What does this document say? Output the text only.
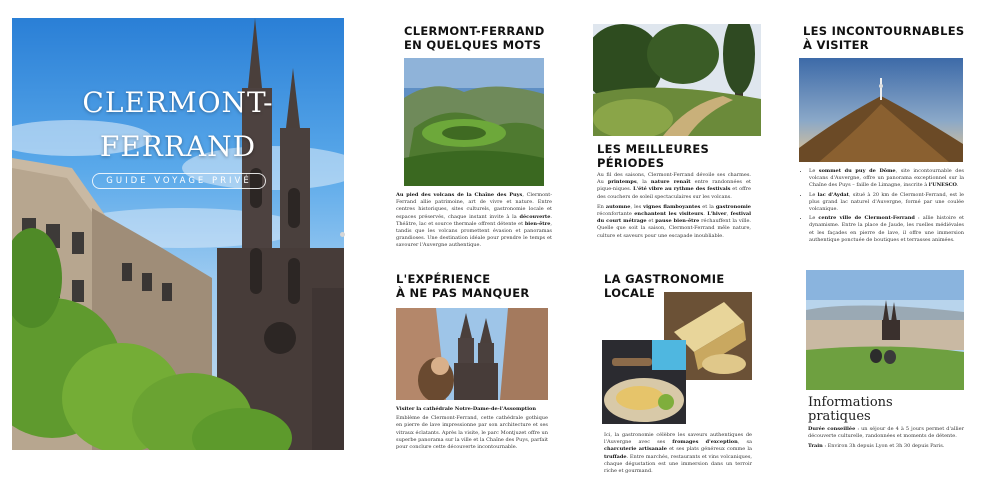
CLERMONT-
FERRAND
GUIDE VOYAGE PRIVÉ
CLERMONT-FERRAND
EN QUELQUES MOTS
Au pied des volcans de la Chaîne des Puys, Clermont-Ferrand allie patrimoine, art de vivre et nature. Entre centres historiques, sites culturels, gastronomie locale et espaces préservés, chaque instant invite à la découverte. Théâtre, lac et source thermale offrent détente et bien-être, tandis que les volcans promettent évasion et panoramas grandioses. Une destination idéale pour prendre le temps et savourer l'Auvergne authentique.
LES MEILLEURES
PÉRIODES
Au fil des saisons, Clermont-Ferrand dévoile ses charmes. Au printemps, la nature renaît entre randonnées et pique-niques. L'été vibre au rythme des festivals et offre des couchers de soleil spectaculaires sur les volcans.
En automne, les vignes flamboyantes et la gastronomie réconfortante enchantent les visiteurs. L'hiver, festival du court métrage et pause bien-être réchauffent la ville. Quelle que soit la saison, Clermont-Ferrand mêle nature, culture et saveurs pour une escapade inoubliable.
LES INCONTOURNABLES
À VISITER
• Le sommet du puy de Dôme, site incontournable des volcans d'Auvergne, offre un panorama exceptionnel sur la Chaîne des Puys – faille de Limagne, inscrite à l'UNESCO.
• Le lac d'Aydat, situé à 20 km de Clermont-Ferrand, est le plus grand lac naturel d'Auvergne, formé par une coulée volcanique.
• Le centre ville de Clermont-Ferrand : allie histoire et dynamisme. Entre la place de Jaude, les ruelles médiévales et les façades en pierre de lave, il offre une immersion authentique ponctuée de boutiques et terrasses animées.
L'EXPÉRIENCE
À NE PAS MANQUER
Visiter la cathédrale Notre-Dame-de-l'Assomption
Emblème de Clermont-Ferrand, cette cathédrale gothique en pierre de lave impressionne par son architecture et ses vitraux éclatants. Après la visite, le parc Montjuzet offre un superbe panorama sur la ville et la Chaîne des Puys, parfait pour conclure cette découverte incontournable.
LA GASTRONOMIE
LOCALE
Ici, la gastronomie célèbre les saveurs authentiques de l'Auvergne avec ses fromages d'exception, sa charcuterie artisanale et ses plats généreux comme la truffade. Entre marchés, restaurants et vins volcaniques, chaque dégustation est une immersion dans un terroir riche et gourmand.
Informations
pratiques
Durée conseillée : un séjour de 4 à 5 jours permet d'allier découverte culturelle, randonnées et moments de détente.
Train : Environ 3h depuis Lyon et 3h 30 depuis Paris.
